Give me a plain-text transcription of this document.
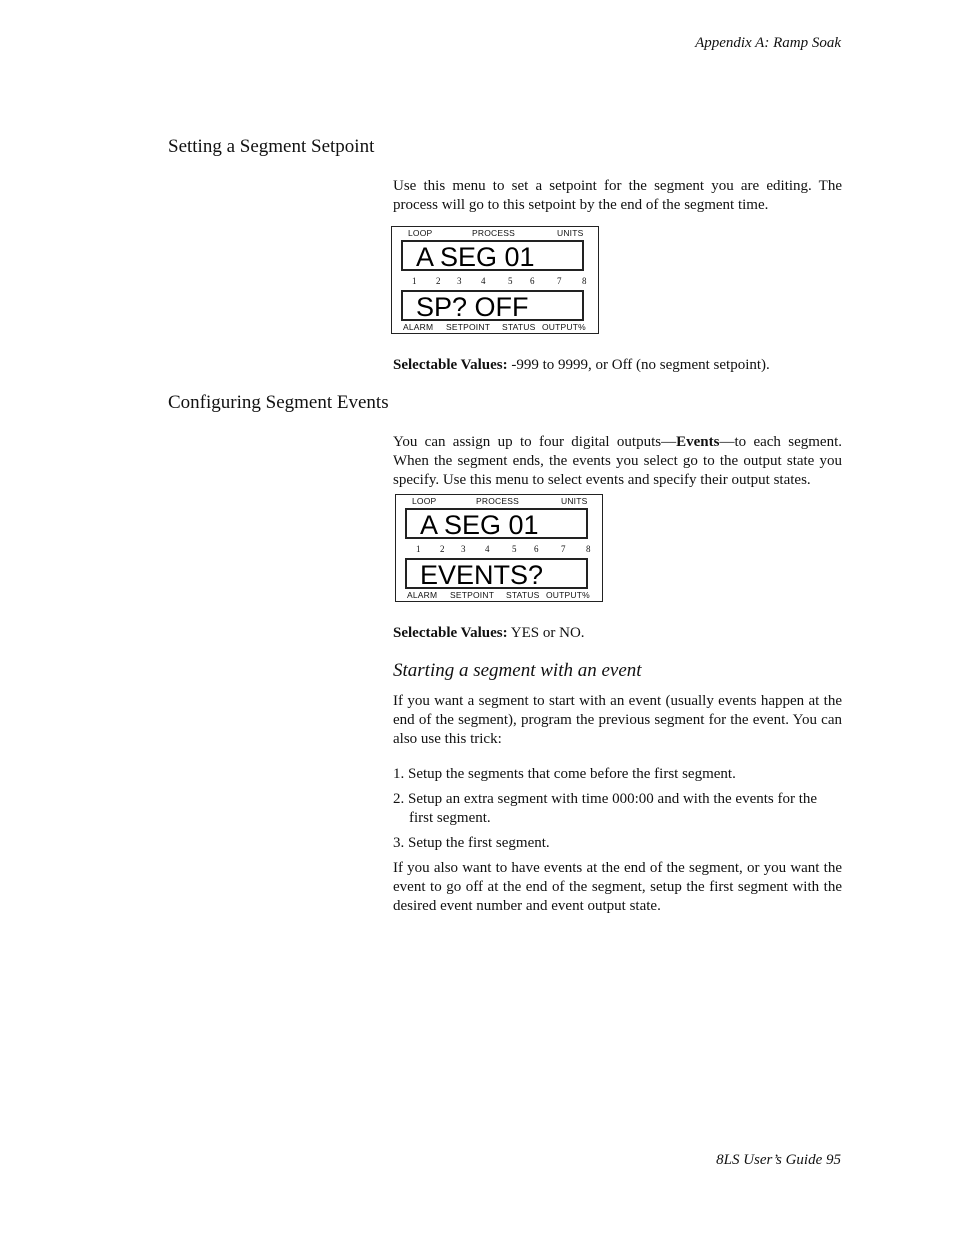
Appendix A: Ramp Soak
Setting a Segment Setpoint

Use this menu to set a setpoint for the segment you are editing. The process will go to this setpoint by the end of the segment time.

LOOP	PROCESS	UNITS
A SEG 01
1 2 3 4	5 6	7 8
SP? OFF
ALARM SETPOINT STATUS OUTPUT%

Selectable Values: -999 to 9999, or Off (no segment setpoint).

Configuring Segment Events

You can assign up to four digital outputs—Events—to each segment. When the segment ends, the events you select go to the output state you specify. Use this menu to select events and specify their output states.

LOOP	PROCESS	UNITS
A SEG 01
1 2 3 4	5 6	7 8
EVENTS?
ALARM SETPOINT STATUS OUTPUT%

Selectable Values: YES or NO.

Starting a segment with an event

If you want a segment to start with an event (usually events happen at the end of the segment), program the previous segment for the event. You can also use this trick:

1. Setup the segments that come before the first segment.
2. Setup an extra segment with time 000:00 and with the events for the first segment.
3. Setup the first segment.

If you also want to have events at the end of the segment, or you want the event to go off at the end of the segment, setup the first segment with the desired event number and event output state.

8LS User’s Guide 95
